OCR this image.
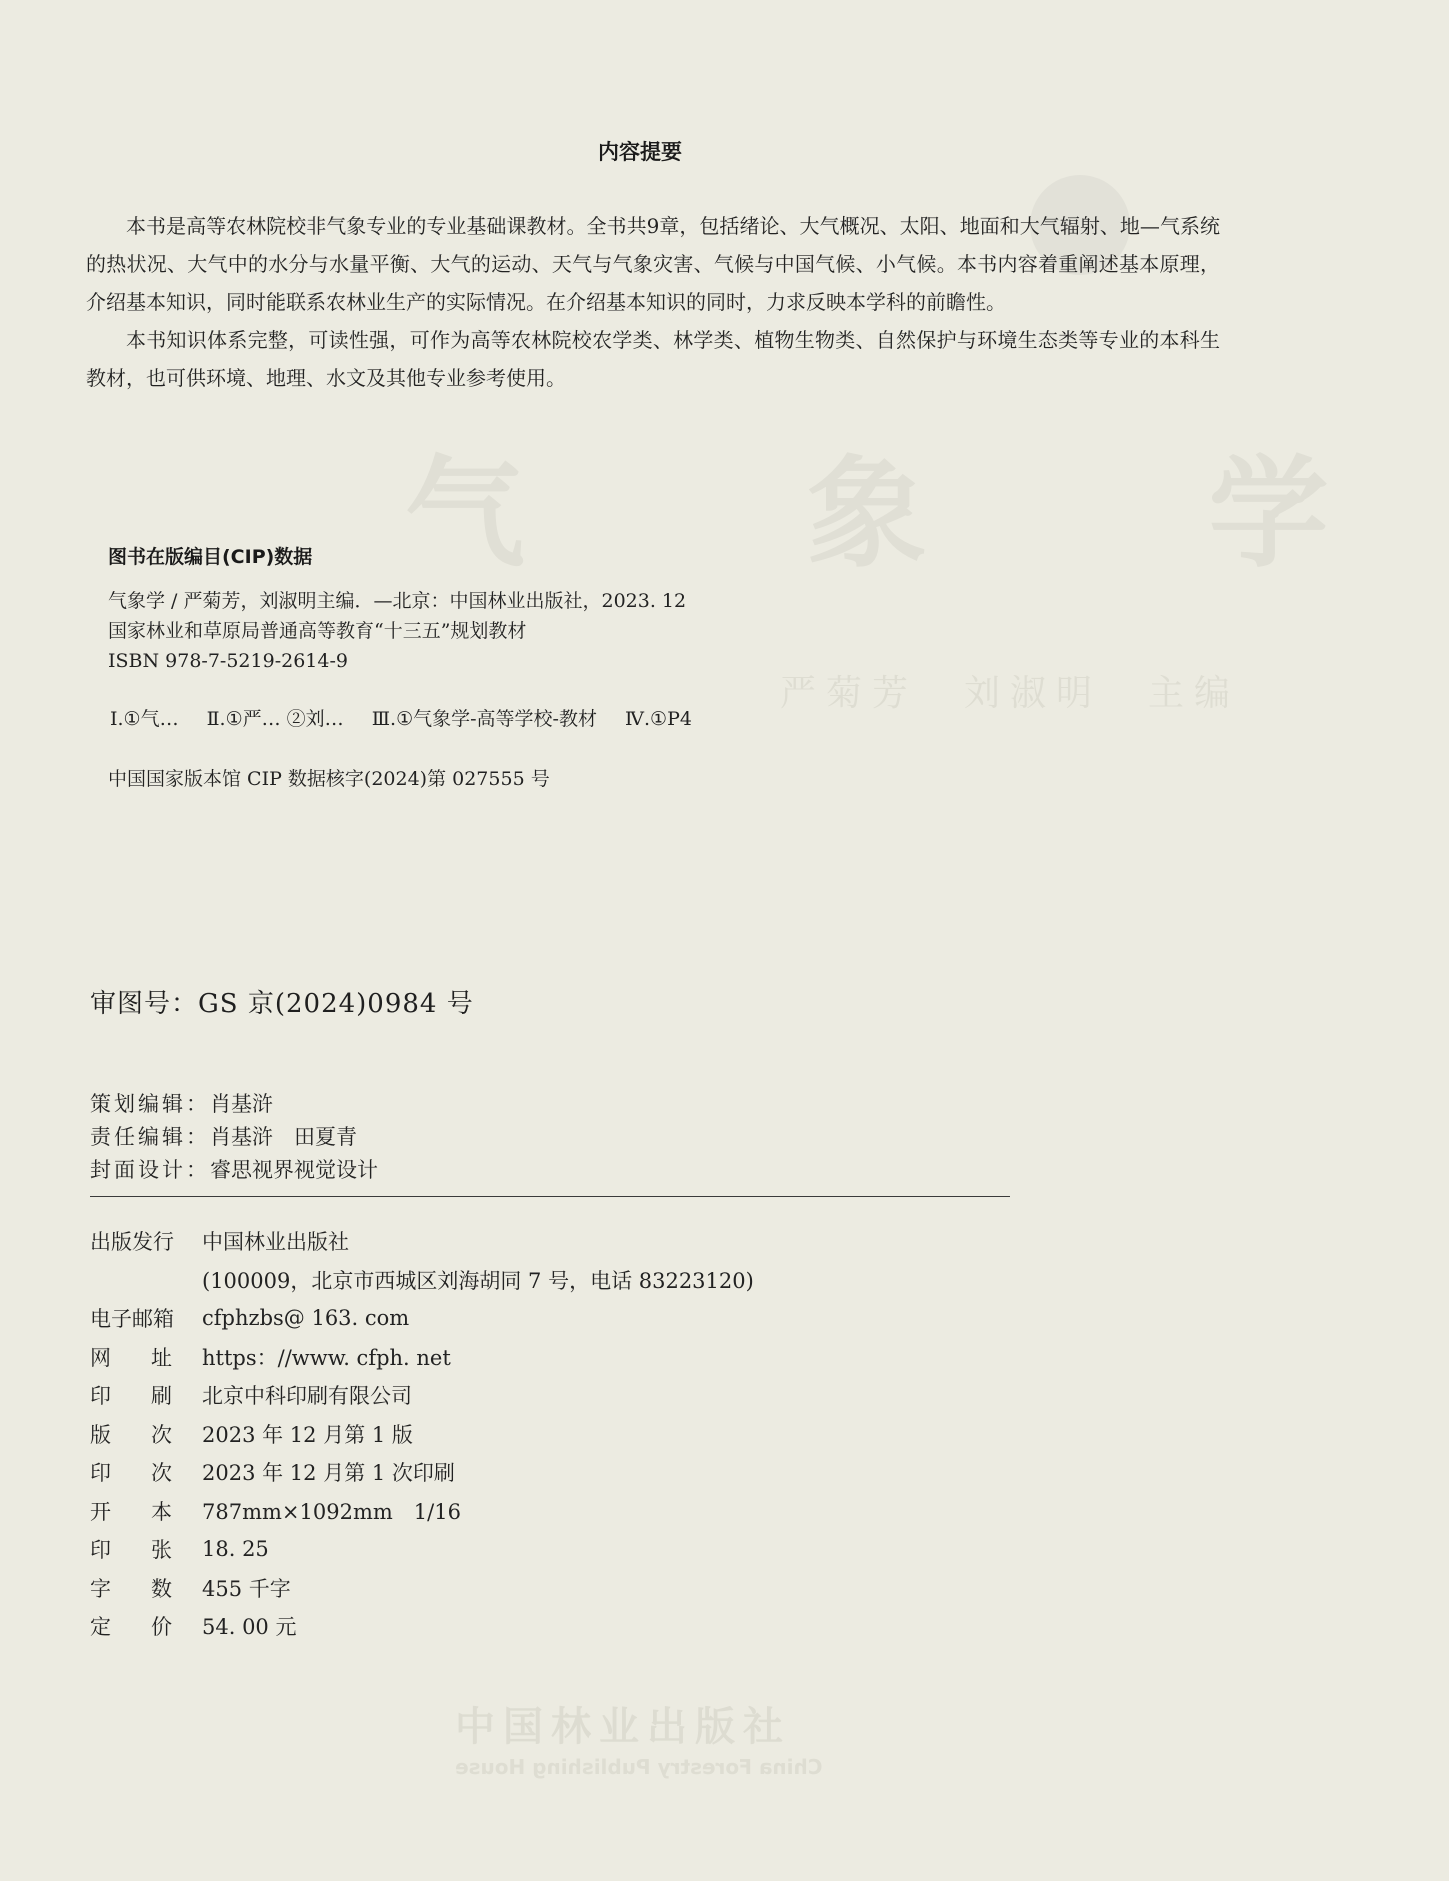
气 象 学
严菊芳　刘淑明　主编
中国林业出版社
China Forestry Publishing House
内容提要

本书是高等农林院校非气象专业的专业基础课教材。全书共9章，包括绪论、大气概况、太阳、地面和大气辐射、地—气系统的热状况、大气中的水分与水量平衡、大气的运动、天气与气象灾害、气候与中国气候、小气候。本书内容着重阐述基本原理，介绍基本知识，同时能联系农林业生产的实际情况。在介绍基本知识的同时，力求反映本学科的前瞻性。

本书知识体系完整，可读性强，可作为高等农林院校农学类、林学类、植物生物类、自然保护与环境生态类等专业的本科生教材，也可供环境、地理、水文及其他专业参考使用。

图书在版编目(CIP)数据
气象学 / 严菊芳，刘淑明主编．—北京：中国林业出版社，2023. 12
国家林业和草原局普通高等教育“十三五”规划教材
ISBN 978-7-5219-2614-9
Ⅰ.①气… Ⅱ.①严… ②刘… Ⅲ.①气象学-高等学校-教材 Ⅳ.①P4
中国国家版本馆 CIP 数据核字(2024)第 027555 号
审图号：GS 京(2024)0984 号
策划编辑：肖基浒
责任编辑：肖基浒　田夏青
封面设计：睿思视界视觉设计
出版发行 中国林业出版社
(100009，北京市西城区刘海胡同 7 号，电话 83223120)
电子邮箱 cfphzbs@ 163. com
网 址 https：//www. cfph. net
印 刷 北京中科印刷有限公司
版 次 2023 年 12 月第 1 版
印 次 2023 年 12 月第 1 次印刷
开 本 787mm×1092mm　1/16
印 张 18. 25
字 数 455 千字
定 价 54. 00 元
